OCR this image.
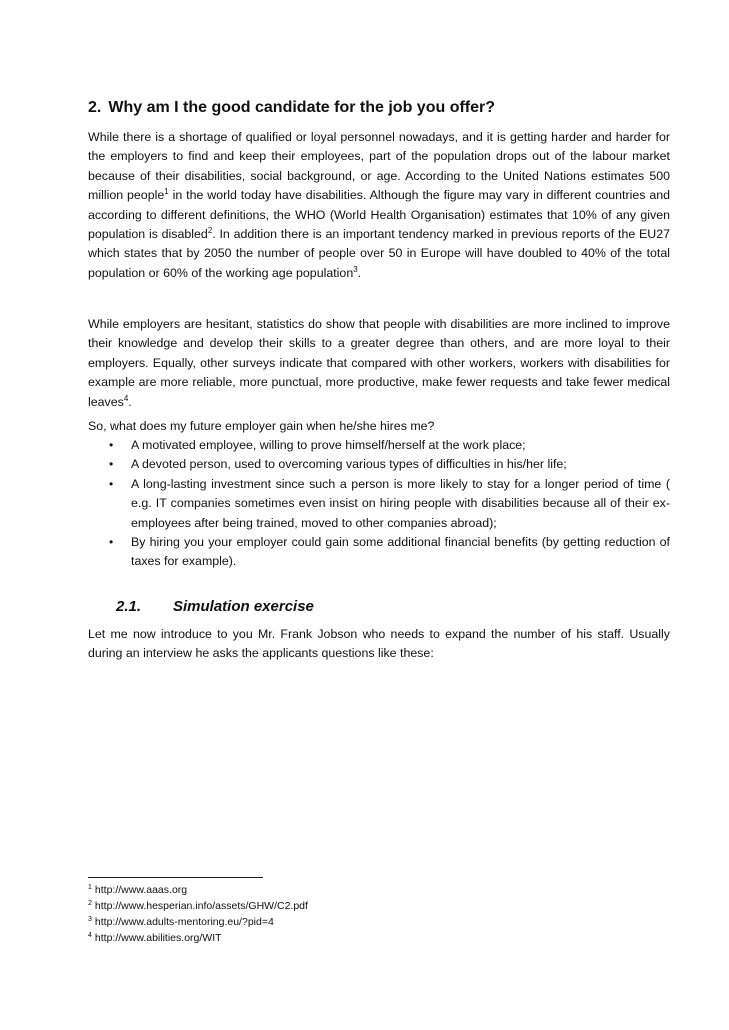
2. Why am I the good candidate for the job you offer?

While there is a shortage of qualified or loyal personnel nowadays, and it is getting harder and harder for the employers to find and keep their employees, part of the population drops out of the labour market because of their disabilities, social background, or age. According to the United Nations estimates 500 million people$^1$ in the world today have disabilities. Although the figure may vary in different countries and according to different definitions, the WHO (World Health Organisation) estimates that 10% of any given population is disabled$^2$. In addition there is an important tendency marked in previous reports of the EU27 which states that by 2050 the number of people over 50 in Europe will have doubled to 40% of the total population or 60% of the working age population$^3$.

While employers are hesitant, statistics do show that people with disabilities are more inclined to improve their knowledge and develop their skills to a greater degree than others, and are more loyal to their employers. Equally, other surveys indicate that compared with other workers, workers with disabilities for example are more reliable, more punctual, more productive, make fewer requests and take fewer medical leaves$^4$.

So, what does my future employer gain when he/she hires me?

• A motivated employee, willing to prove himself/herself at the work place;
• A devoted person, used to overcoming various types of difficulties in his/her life;
• A long-lasting investment since such a person is more likely to stay for a longer period of time ( e.g. IT companies sometimes even insist on hiring people with disabilities because all of their ex-employees after being trained, moved to other companies abroad);
• By hiring you your employer could gain some additional financial benefits (by getting reduction of taxes for example).
2.1. Simulation exercise

Let me now introduce to you Mr. Frank Jobson who needs to expand the number of his staff. Usually during an interview he asks the applicants questions like these:

$^1$ http://www.aaas.org
$^2$ http://www.hesperian.info/assets/GHW/C2.pdf
$^3$ http://www.adults-mentoring.eu/?pid=4
$^4$ http://www.abilities.org/WIT
